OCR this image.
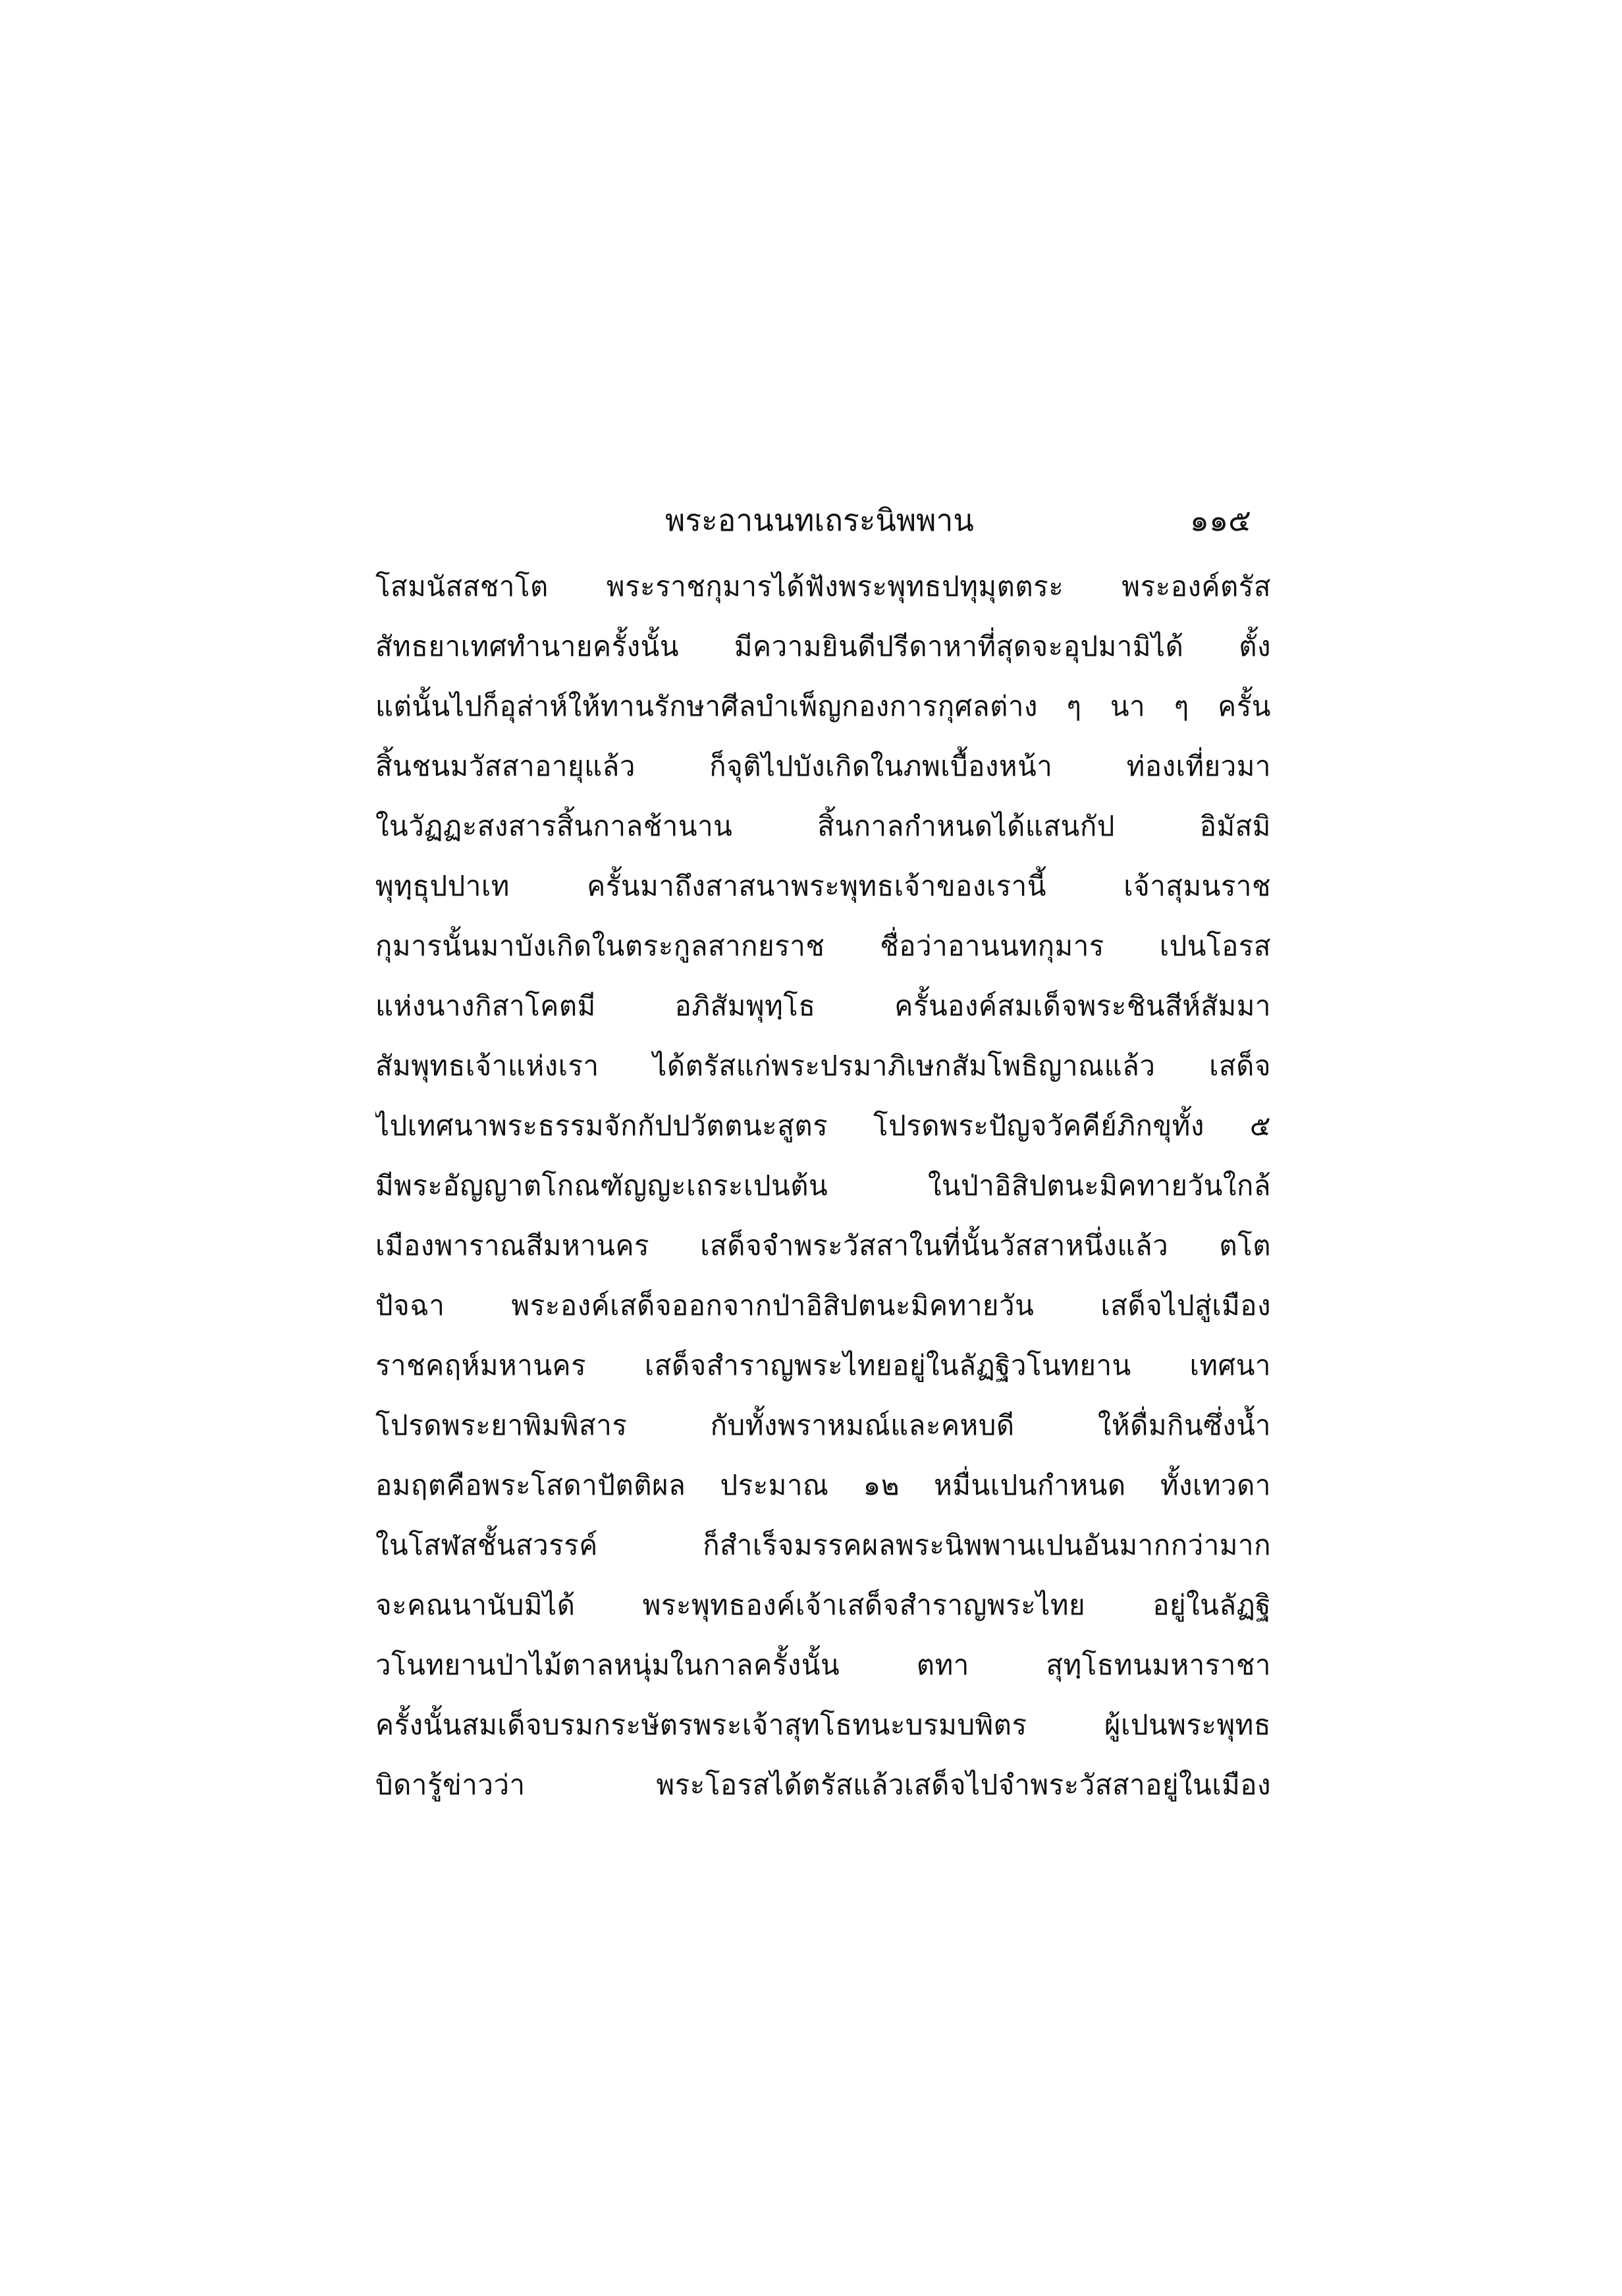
พระอานนทเถระนิพพาน	๑๑๕
โสมนัสสชาโต พระราชกุมารได้ฟังพระพุทธปทุมุตตระ พระองค์ตรัส
สัทธยาเทศทำนายครั้งนั้น มีความยินดีปรีดาหาที่สุดจะอุปมามิได้ ตั้ง
แต่นั้นไปก็อุส่าห์ให้ทานรักษาศีลบำเพ็ญกองการกุศลต่าง ๆ นา ๆ ครั้น
สิ้นชนมวัสสาอายุแล้ว ก็จุติไปบังเกิดในภพเบื้องหน้า ท่องเที่ยวมา
ในวัฏฏะสงสารสิ้นกาลช้านาน สิ้นกาลกำหนดได้แสนกัป อิมัสมิ
พุทฺธุปปาเท ครั้นมาถึงสาสนาพระพุทธเจ้าของเรานี้ เจ้าสุมนราช
กุมารนั้นมาบังเกิดในตระกูลสากยราช ชื่อว่าอานนทกุมาร เปนโอรส
แห่งนางกิสาโคตมี อภิสัมพุทฺโธ ครั้นองค์สมเด็จพระชินสีห์สัมมา
สัมพุทธเจ้าแห่งเรา ได้ตรัสแก่พระปรมาภิเษกสัมโพธิญาณแล้ว เสด็จ
ไปเทศนาพระธรรมจักกัปปวัตตนะสูตร โปรดพระปัญจวัคคีย์ภิกขุทั้ง ๕
มีพระอัญญาตโกณฑัญญะเถระเปนต้น ในป่าอิสิปตนะมิคทายวันใกล้
เมืองพาราณสีมหานคร เสด็จจำพระวัสสาในที่นั้นวัสสาหนึ่งแล้ว ตโต
ปัจฉา พระองค์เสด็จออกจากป่าอิสิปตนะมิคทายวัน เสด็จไปสู่เมือง
ราชคฤห์มหานคร เสด็จสำราญพระไทยอยู่ในลัฏฐิวโนทยาน เทศนา
โปรดพระยาพิมพิสาร กับทั้งพราหมณ์และคหบดี ให้ดื่มกินซึ่งน้ำ
อมฤตคือพระโสดาปัตติผล ประมาณ ๑๒ หมื่นเปนกำหนด ทั้งเทวดา
ในโสฬสชั้นสวรรค์ ก็สำเร็จมรรคผลพระนิพพานเปนอันมากกว่ามาก
จะคณนานับมิได้ พระพุทธองค์เจ้าเสด็จสำราญพระไทย อยู่ในลัฏฐิ
วโนทยานป่าไม้ตาลหนุ่มในกาลครั้งนั้น ตทา สุทฺโธทนมหาราชา
ครั้งนั้นสมเด็จบรมกระษัตรพระเจ้าสุทโธทนะบรมบพิตร ผู้เปนพระพุทธ
บิดารู้ข่าวว่า พระโอรสได้ตรัสแล้วเสด็จไปจำพระวัสสาอยู่ในเมือง
